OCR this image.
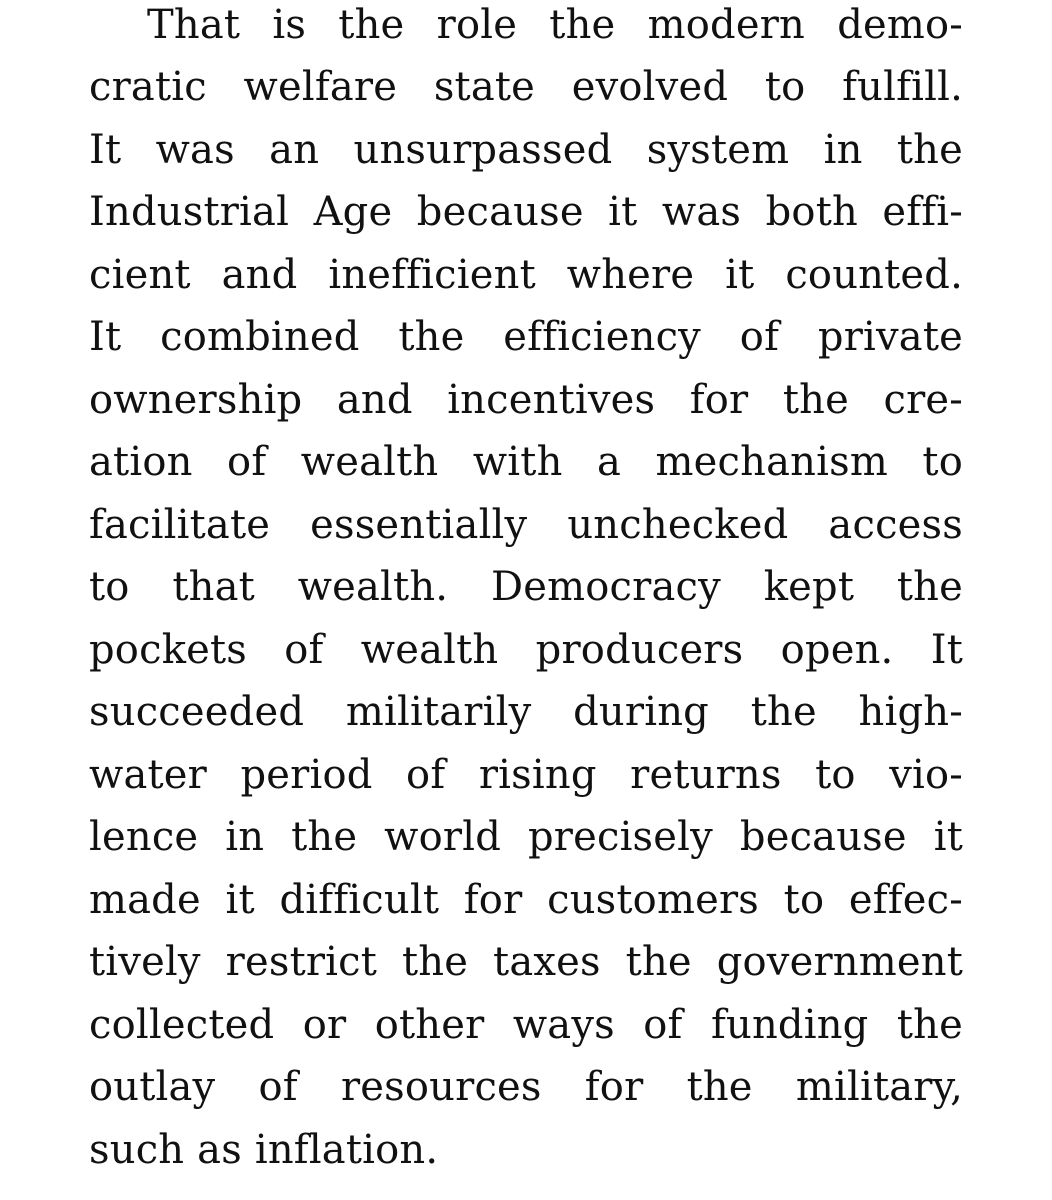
That is the role the modern demo-
cratic welfare state evolved to fulfill.
It was an unsurpassed system in the
Industrial Age because it was both effi-
cient and inefficient where it counted.
It combined the efficiency of private
ownership and incentives for the cre-
ation of wealth with a mechanism to
facilitate essentially unchecked access
to that wealth. Democracy kept the
pockets of wealth producers open. It
succeeded militarily during the high-
water period of rising returns to vio-
lence in the world precisely because it
made it difficult for customers to effec-
tively restrict the taxes the government
collected or other ways of funding the
outlay of resources for the military,
such as inflation.
